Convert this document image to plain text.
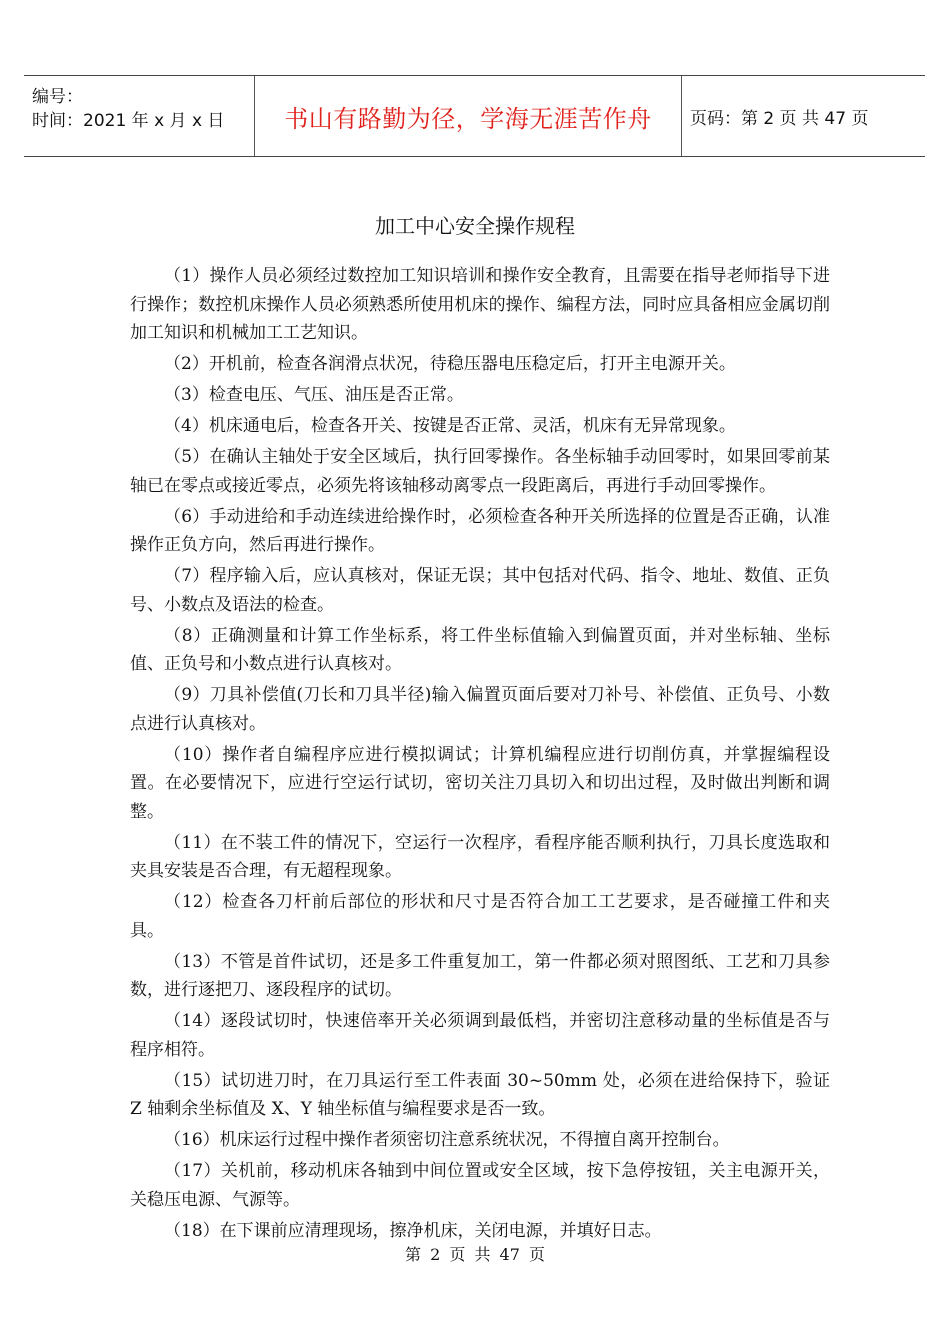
编号：
时间：2021 年 x 月 x 日 书山有路勤为径，学海无涯苦作舟 页码：第 2 页 共 47 页
加工中心安全操作规程

（1）操作人员必须经过数控加工知识培训和操作安全教育，且需要在指导老师指导下进行操作；数控机床操作人员必须熟悉所使用机床的操作、编程方法，同时应具备相应金属切削加工知识和机械加工工艺知识。

（2）开机前，检查各润滑点状况，待稳压器电压稳定后，打开主电源开关。

（3）检查电压、气压、油压是否正常。

（4）机床通电后，检查各开关、按键是否正常、灵活，机床有无异常现象。

（5）在确认主轴处于安全区域后，执行回零操作。各坐标轴手动回零时，如果回零前某轴已在零点或接近零点，必须先将该轴移动离零点一段距离后，再进行手动回零操作。

（6）手动进给和手动连续进给操作时，必须检查各种开关所选择的位置是否正确，认准操作正负方向，然后再进行操作。

（7）程序输入后，应认真核对，保证无误；其中包括对代码、指令、地址、数值、正负号、小数点及语法的检查。

（8）正确测量和计算工作坐标系，将工件坐标值输入到偏置页面，并对坐标轴、坐标值、正负号和小数点进行认真核对。

（9）刀具补偿值(刀长和刀具半径)输入偏置页面后要对刀补号、补偿值、正负号、小数点进行认真核对。

（10）操作者自编程序应进行模拟调试；计算机编程应进行切削仿真，并掌握编程设置。在必要情况下，应进行空运行试切，密切关注刀具切入和切出过程，及时做出判断和调整。

（11）在不装工件的情况下，空运行一次程序，看程序能否顺利执行，刀具长度选取和夹具安装是否合理，有无超程现象。

（12）检查各刀杆前后部位的形状和尺寸是否符合加工工艺要求，是否碰撞工件和夹具。

（13）不管是首件试切，还是多工件重复加工，第一件都必须对照图纸、工艺和刀具参数，进行逐把刀、逐段程序的试切。

（14）逐段试切时，快速倍率开关必须调到最低档，并密切注意移动量的坐标值是否与程序相符。

（15）试切进刀时，在刀具运行至工件表面 30~50mm 处，必须在进给保持下，验证 Z 轴剩余坐标值及 X、Y 轴坐标值与编程要求是否一致。

（16）机床运行过程中操作者须密切注意系统状况，不得擅自离开控制台。

（17）关机前，移动机床各轴到中间位置或安全区域，按下急停按钮，关主电源开关，关稳压电源、气源等。

（18）在下课前应清理现场，擦净机床，关闭电源，并填好日志。

第 2 页 共 47 页
